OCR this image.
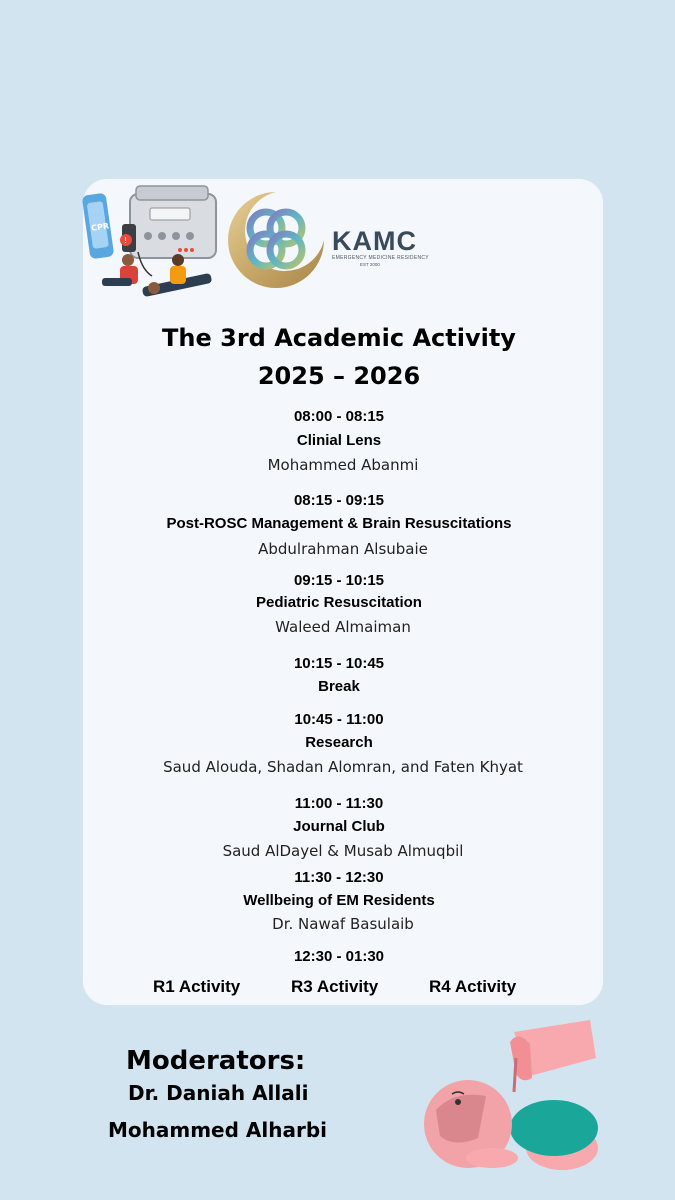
CPR
!	KAMC
EMERGENCY MEDICINE RESIDENCY
EST 2000
The 3rd Academic Activity
2025 – 2026
08:00 - 08:15
Clinial Lens
Mohammed Abanmi
08:15 - 09:15
Post-ROSC Management & Brain Resuscitations
Abdulrahman Alsubaie
09:15 - 10:15
Pediatric Resuscitation
Waleed Almaiman
10:15 - 10:45
Break
10:45 - 11:00
Research
Saud Alouda, Shadan Alomran, and Faten Khyat
11:00 - 11:30
Journal Club
Saud AlDayel & Musab Almuqbil
11:30 - 12:30
Wellbeing of EM Residents
Dr. Nawaf Basulaib
12:30 - 01:30
R1 Activity	R3 Activity	R4 Activity
Moderators:
Dr. Daniah Allali
Mohammed Alharbi
